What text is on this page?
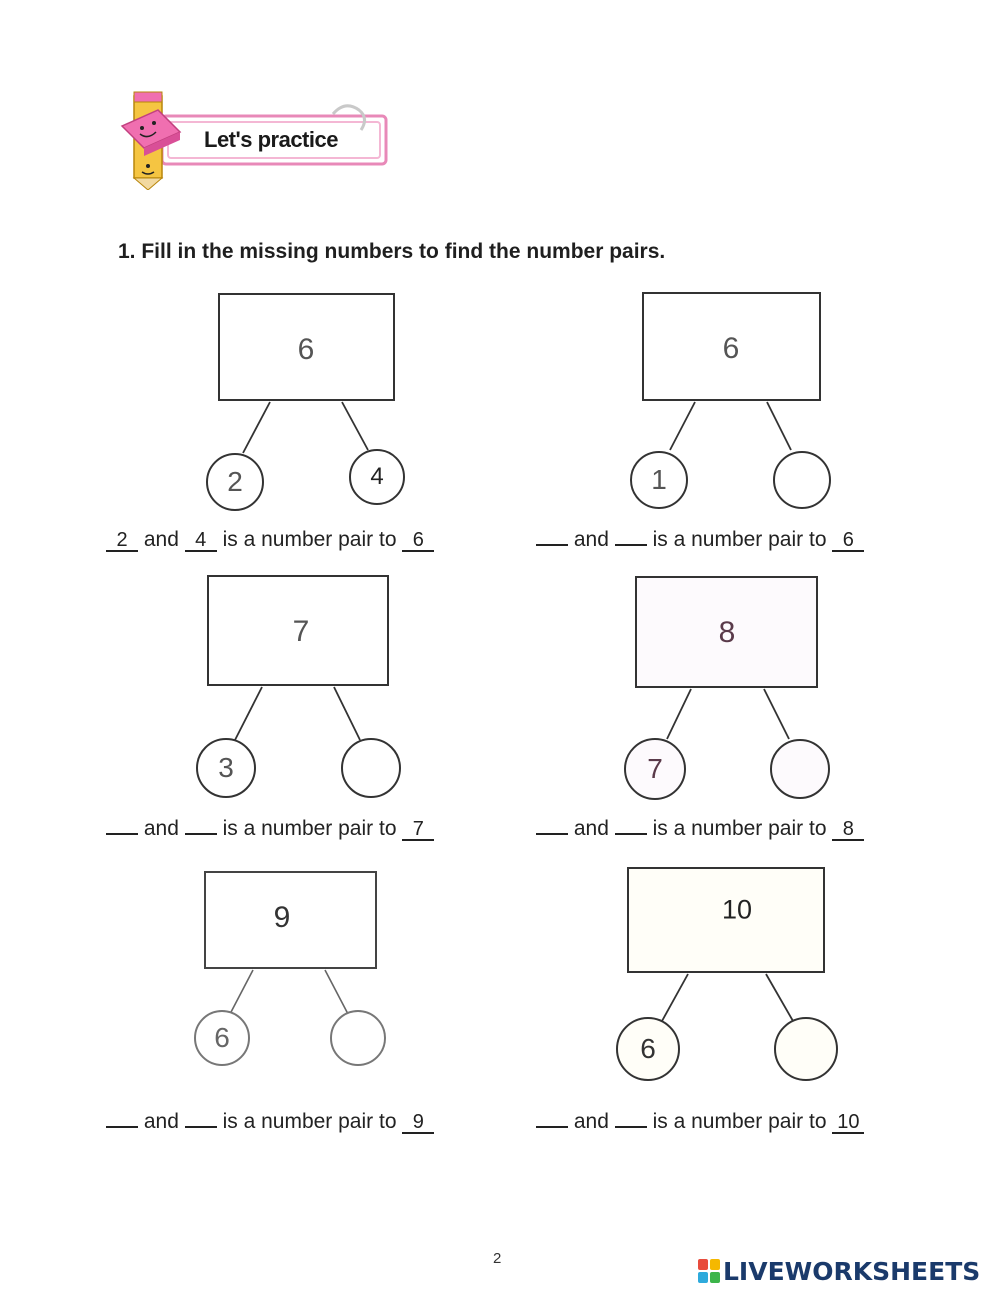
Let's practice
1. Fill in the missing numbers to find the number pairs.
6
2	4
2 and 4 is a number pair to 6
6
1
and is a number pair to 6
7
3
and is a number pair to 7
8
7
and is a number pair to 8
9
6
and is a number pair to 9
10
6
and is a number pair to 10
2	LIVEWORKSHEETS
